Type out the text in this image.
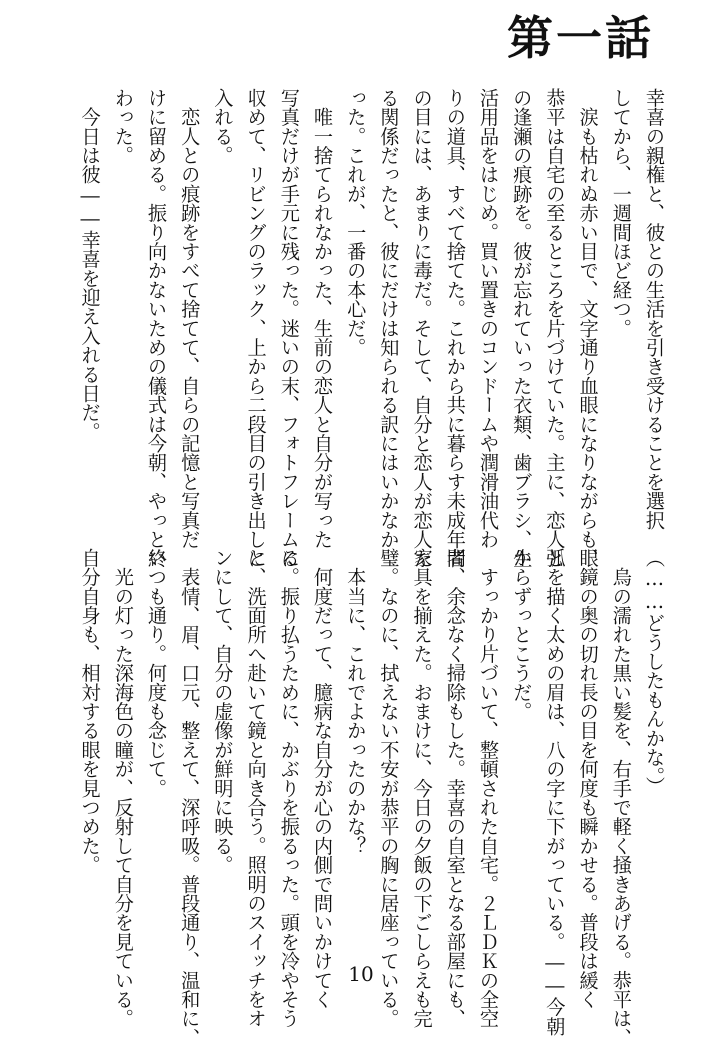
第一話
幸喜の親権と、彼との生活を引き受けることを選択
してから、一週間ほど経つ。
　涙も枯れぬ赤い目で、文字通り血眼になりながらも、
恭平は自宅の至るところを片づけていた。主に、恋人と
の逢瀬の痕跡を。彼が忘れていった衣類、歯ブラシ、生
活用品をはじめ。買い置きのコンドームや潤滑油代わ
りの道具、すべて捨てた。これから共に暮らす未成年者
の目には、あまりに毒だ。そして、自分と恋人が恋人た
る関係だったと、彼にだけは知られる訳にはいかなか
った。これが、一番の本心だ。
　唯一捨てられなかった、生前の恋人と自分が写った
写真だけが手元に残った。迷いの末、フォトフレームに
収めて、リビングのラック、上から二段目の引き出しに
入れる。
　恋人との痕跡をすべて捨てて、自らの記憶と写真だ
けに留める。振り向かないための儀式は今朝、やっと終
わった。
　今日は彼――幸喜を迎え入れる日だ。
（……どうしたもんかな。）
　烏の濡れた黒い髪を、右手で軽く掻きあげる。恭平は、
眼鏡の奥の切れ長の目を何度も瞬かせる。普段は緩く
弧を描く太めの眉は、八の字に下がっている。――今朝
からずっとこうだ。
　すっかり片づいて、整頓された自宅。２ＬＤＫの全空
間、余念なく掃除もした。幸喜の自室となる部屋にも、
家具を揃えた。おまけに、今日の夕飯の下ごしらえも完
璧。なのに、拭えない不安が恭平の胸に居座っている。
　本当に、これでよかったのかな？
　何度だって、臆病な自分が心の内側で問いかけてく
る。振り払うために、かぶりを振るった。頭を冷やそう
と、洗面所へ赴いて鏡と向き合う。照明のスイッチをオ
ンにして、自分の虚像が鮮明に映る。
　表情、眉、口元、整えて、深呼吸。普段通り、温和に、
いつも通り。何度も念じて。
　光の灯った深海色の瞳が、反射して自分を見ている。
自分自身も、相対する眼を見つめた。
10
